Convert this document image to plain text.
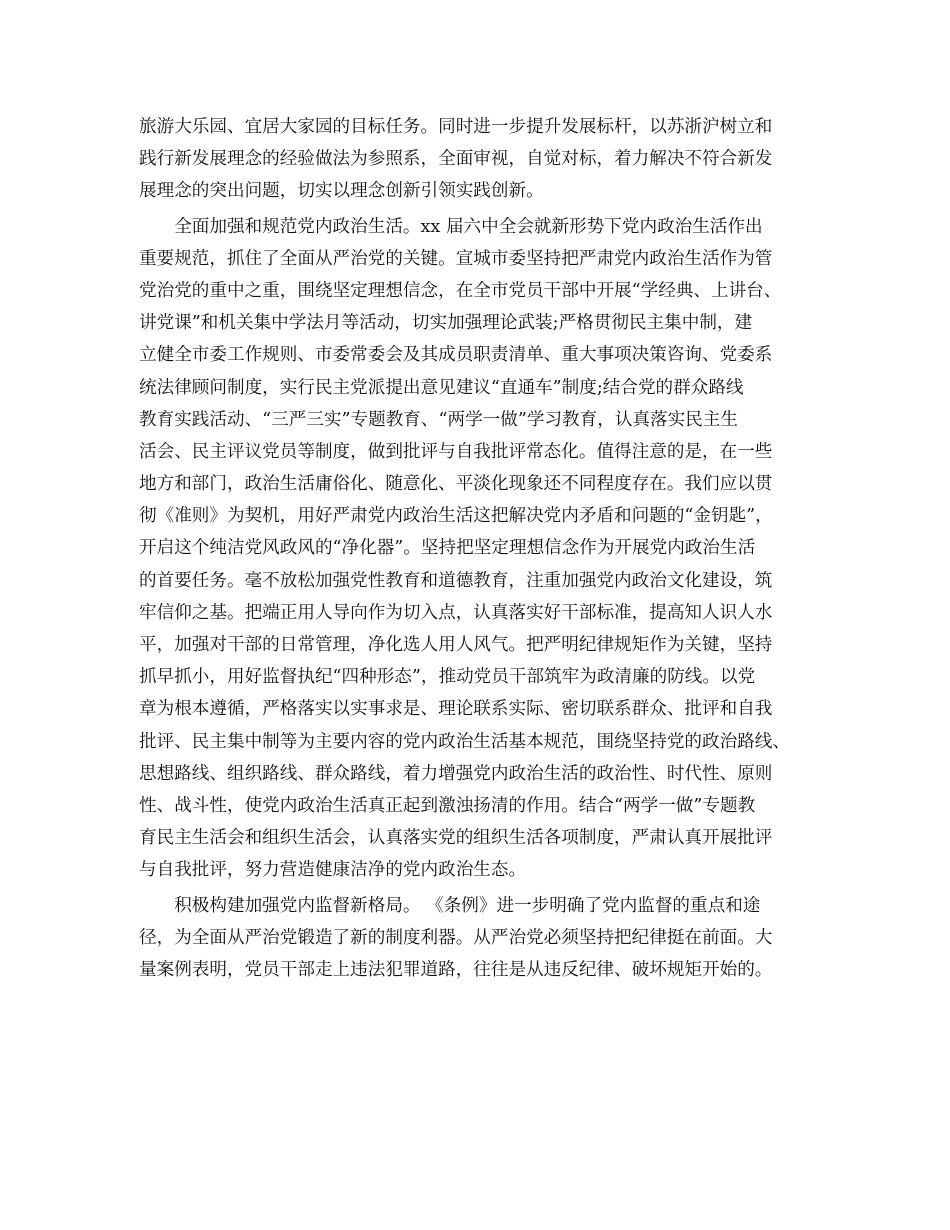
旅游大乐园、宜居大家园的目标任务。同时进一步提升发展标杆，以苏浙沪树立和
践行新发展理念的经验做法为参照系，全面审视，自觉对标，着力解决不符合新发
展理念的突出问题，切实以理念创新引领实践创新。
　　全面加强和规范党内政治生活。xx 届六中全会就新形势下党内政治生活作出
重要规范，抓住了全面从严治党的关键。宣城市委坚持把严肃党内政治生活作为管
党治党的重中之重，围绕坚定理想信念，在全市党员干部中开展“学经典、上讲台、
讲党课”和机关集中学法月等活动，切实加强理论武装;严格贯彻民主集中制，建
立健全市委工作规则、市委常委会及其成员职责清单、重大事项决策咨询、党委系
统法律顾问制度，实行民主党派提出意见建议“直通车”制度;结合党的群众路线
教育实践活动、“三严三实”专题教育、“两学一做”学习教育，认真落实民主生
活会、民主评议党员等制度，做到批评与自我批评常态化。值得注意的是，在一些
地方和部门，政治生活庸俗化、随意化、平淡化现象还不同程度存在。我们应以贯
彻《准则》为契机，用好严肃党内政治生活这把解决党内矛盾和问题的“金钥匙”，
开启这个纯洁党风政风的“净化器”。坚持把坚定理想信念作为开展党内政治生活
的首要任务。毫不放松加强党性教育和道德教育，注重加强党内政治文化建设，筑
牢信仰之基。把端正用人导向作为切入点，认真落实好干部标准，提高知人识人水
平，加强对干部的日常管理，净化选人用人风气。把严明纪律规矩作为关键，坚持
抓早抓小，用好监督执纪“四种形态”，推动党员干部筑牢为政清廉的防线。以党
章为根本遵循，严格落实以实事求是、理论联系实际、密切联系群众、批评和自我
批评、民主集中制等为主要内容的党内政治生活基本规范，围绕坚持党的政治路线、
思想路线、组织路线、群众路线，着力增强党内政治生活的政治性、时代性、原则
性、战斗性，使党内政治生活真正起到激浊扬清的作用。结合“两学一做”专题教
育民主生活会和组织生活会，认真落实党的组织生活各项制度，严肃认真开展批评
与自我批评，努力营造健康洁净的党内政治生态。
　　积极构建加强党内监督新格局。 《条例》进一步明确了党内监督的重点和途
径，为全面从严治党锻造了新的制度利器。从严治党必须坚持把纪律挺在前面。大
量案例表明，党员干部走上违法犯罪道路，往往是从违反纪律、破坏规矩开始的。
